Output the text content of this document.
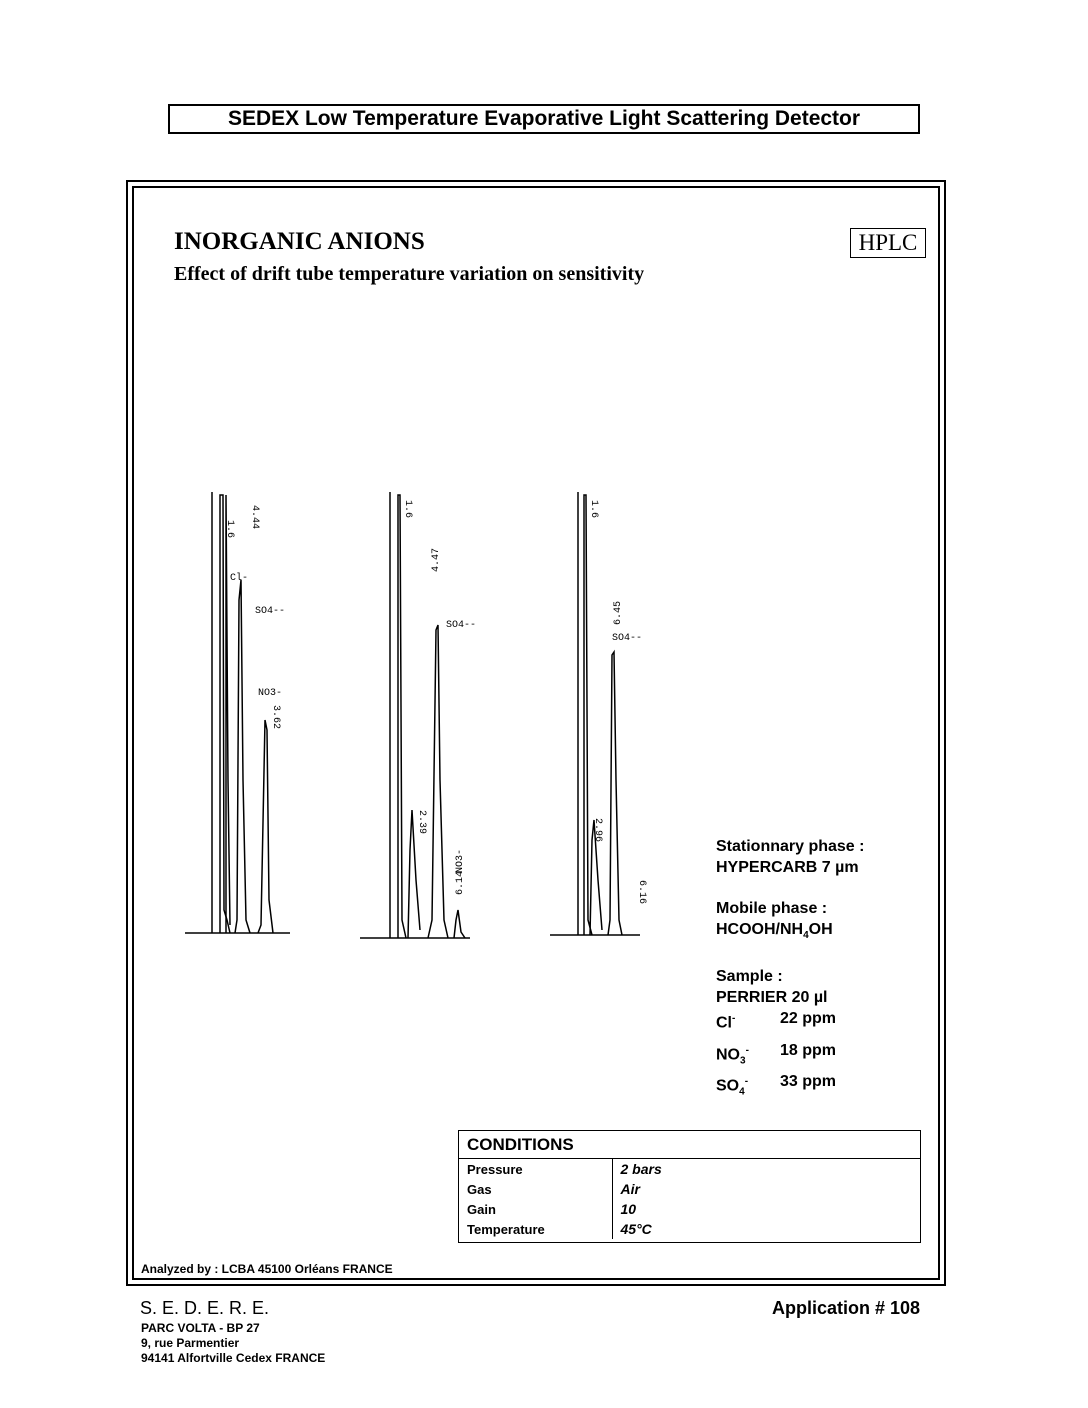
SEDEX Low Temperature Evaporative Light Scattering Detector
INORGANIC ANIONS
Effect of drift tube temperature variation on sensitivity
HPLC
1.6 4.44
Cl-
SO4--
NO3-
3.62
1.6
4.47
SO4--
2.39
NO3-
6.14
1.6
6.45
SO4--
2.96
6.16
Stationnary phase :
HYPERCARB 7 µm
Mobile phase :
HCOOH/$NH_4OH$
Sample :
PERRIER 20 µl
Cl-	22 ppm
$NO_3^-$	18 ppm
$SO_4^-$	33 ppm
CONDITIONS
Pressure	2 bars
Gas	Air
Gain	10
Temperature	45°C
Analyzed by : LCBA 45100 Orléans FRANCE
S. E. D. E. R. E.
PARC VOLTA - BP 27
9, rue Parmentier
94141 Alfortville Cedex FRANCE
Application # 108
